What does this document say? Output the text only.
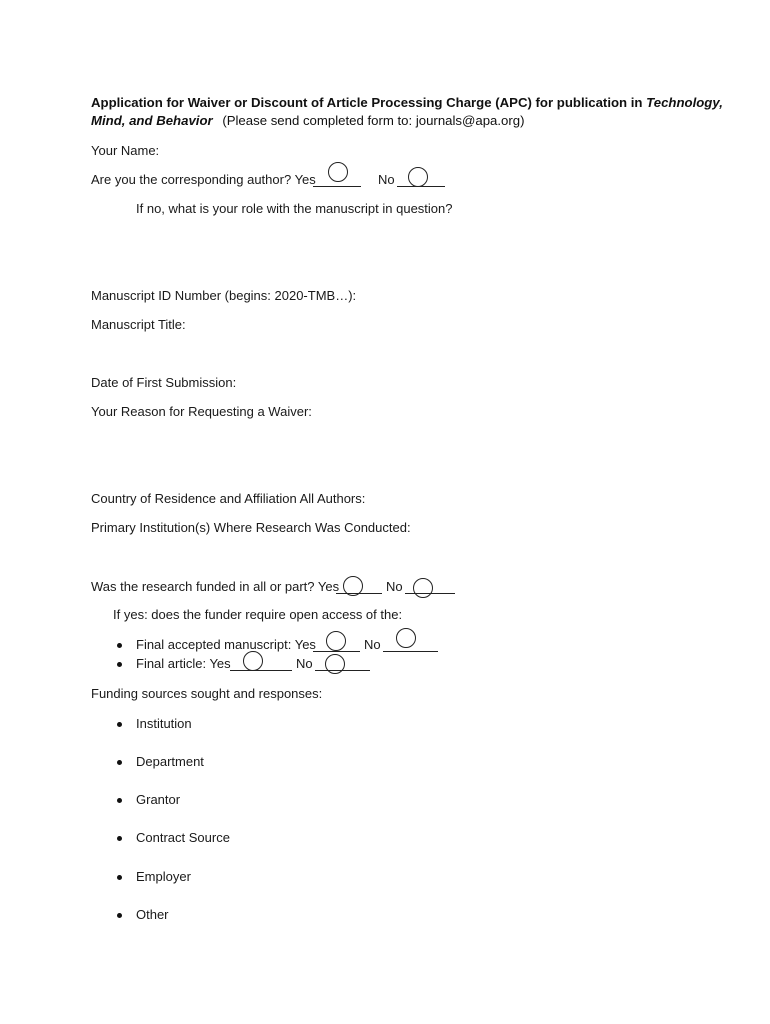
Application for Waiver or Discount of Article Processing Charge (APC) for publication in Technology,
Mind, and Behavior (Please send completed form to: journals@apa.org)
Your Name:
Are you the corresponding author? Yes	No
If no, what is your role with the manuscript in question?
Manuscript ID Number (begins: 2020-TMB…):
Manuscript Title:
Date of First Submission:
Your Reason for Requesting a Waiver:
Country of Residence and Affiliation All Authors:
Primary Institution(s) Where Research Was Conducted:
Was the research funded in all or part? Yes	No
If yes: does the funder require open access of the:
Final accepted manuscript: Yes	No
Final article: Yes	No
Funding sources sought and responses:
Institution
Department
Grantor
Contract Source
Employer
Other
